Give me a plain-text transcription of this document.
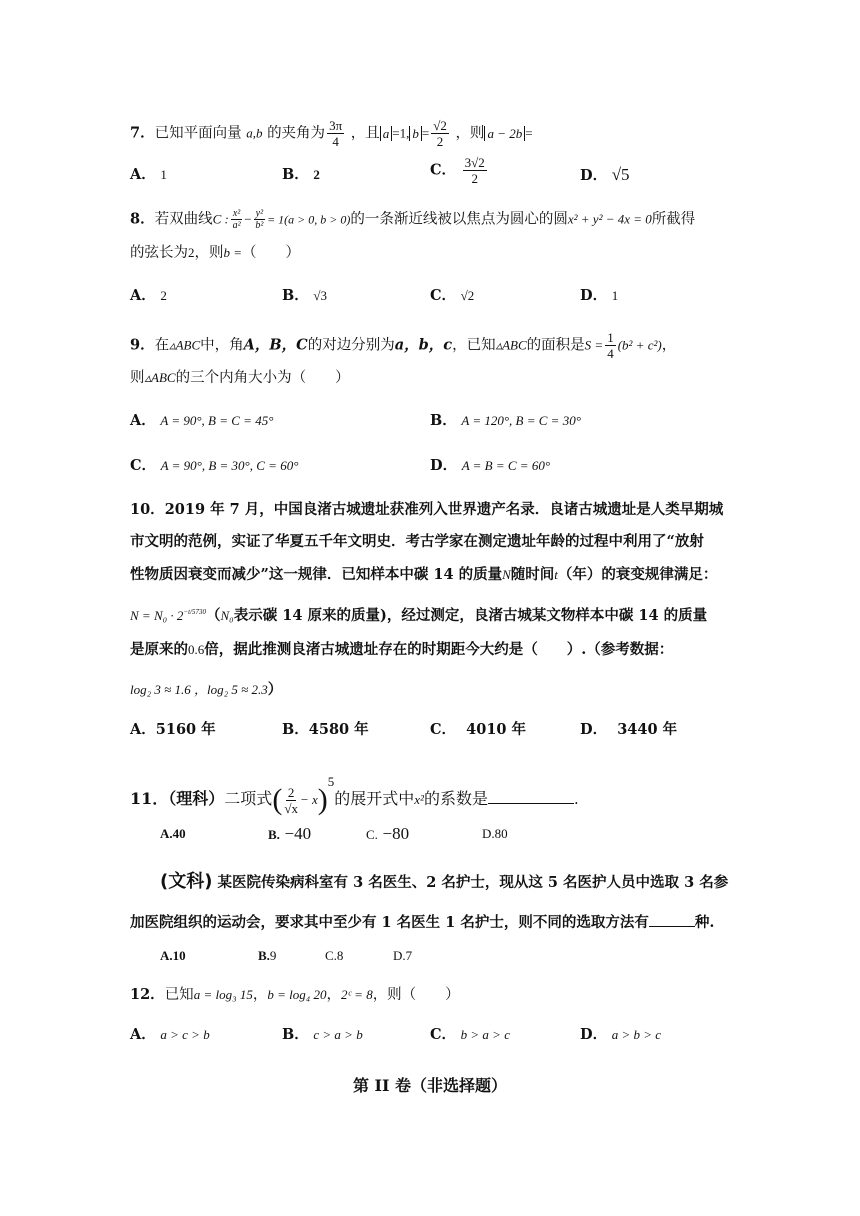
7．已知平面向量 a,b 的夹角为 $\frac{3\pi}{4}$ ，且 a =1, $b = \frac{√2}{2}$ ，则 a − 2b =
A． 1	B． 2	C． $\frac{3√2}{2}$	D． √5
8．若双曲线C : $\frac{\text{x²}}{\text{a²}} - \frac{\text{y²}}{\text{b²}} = 1(a > 0$, b > 0)的一条渐近线被以焦点为圆心的圆x² + y² − 4x = 0所截得
的弦长为2，则b =（　　）
A． 2	B． √3	C． √2	D． 1
9．在▵ABC中，角A，B，C的对边分别为a，b，c，已知▵ABC的面积是$S = \frac{1}{4} (b^2 + c^2)$，
则▵ABC的三个内角大小为（　　）
A． A = 90°, B = C = 45°	B． A = 120°, B = C = 30°
C． A = 90°, B = 30°, C = 60°	D． A = B = C = 60°
10．2019 年 7 月，中国良渚古城遗址获准列入世界遗产名录．良诸古城遗址是人类早期城
市文明的范例，实证了华夏五千年文明史．考古学家在测定遗址年龄的过程中利用了“放射
性物质因衰变而减少”这一规律．已知样本中碳 14 的质量N随时间t（年）的衰变规律满足：
$N = N_0 \cdot 2^{-t/5730}(N_0$表示碳 14 原来的质量)，经过测定，良渚古城某文物样本中碳 14 的质量
是原来的0.6倍，据此推测良渚古城遗址存在的时期距今大约是（　　）.（参考数据：
log₂ 3 ≈ 1.6 ，log₂ 5 ≈ 2.3）
A．5160 年	B．4580 年	C． 4010 年	D． 3440 年
11．（理科）二项式( $\frac{2}{√x} - x)^5$的展开式中x²的系数是	.
A.40	B. −40	C. −80	D.80
(文科) 某医院传染病科室有 3 名医生、2 名护士，现从这 5 名医护人员中选取 3 名参
加医院组织的运动会，要求其中至少有 1 名医生 1 名护士，则不同的选取方法有	种.
A.10	B.9	C.8	D.7
12．已知a = log₃ 15，b = log₄ 20，2ᶜ = 8，则（　　）
A． a > c > b	B． c > a > b	C． b > a > c	D． a > b > c
第 II 卷（非选择题）
